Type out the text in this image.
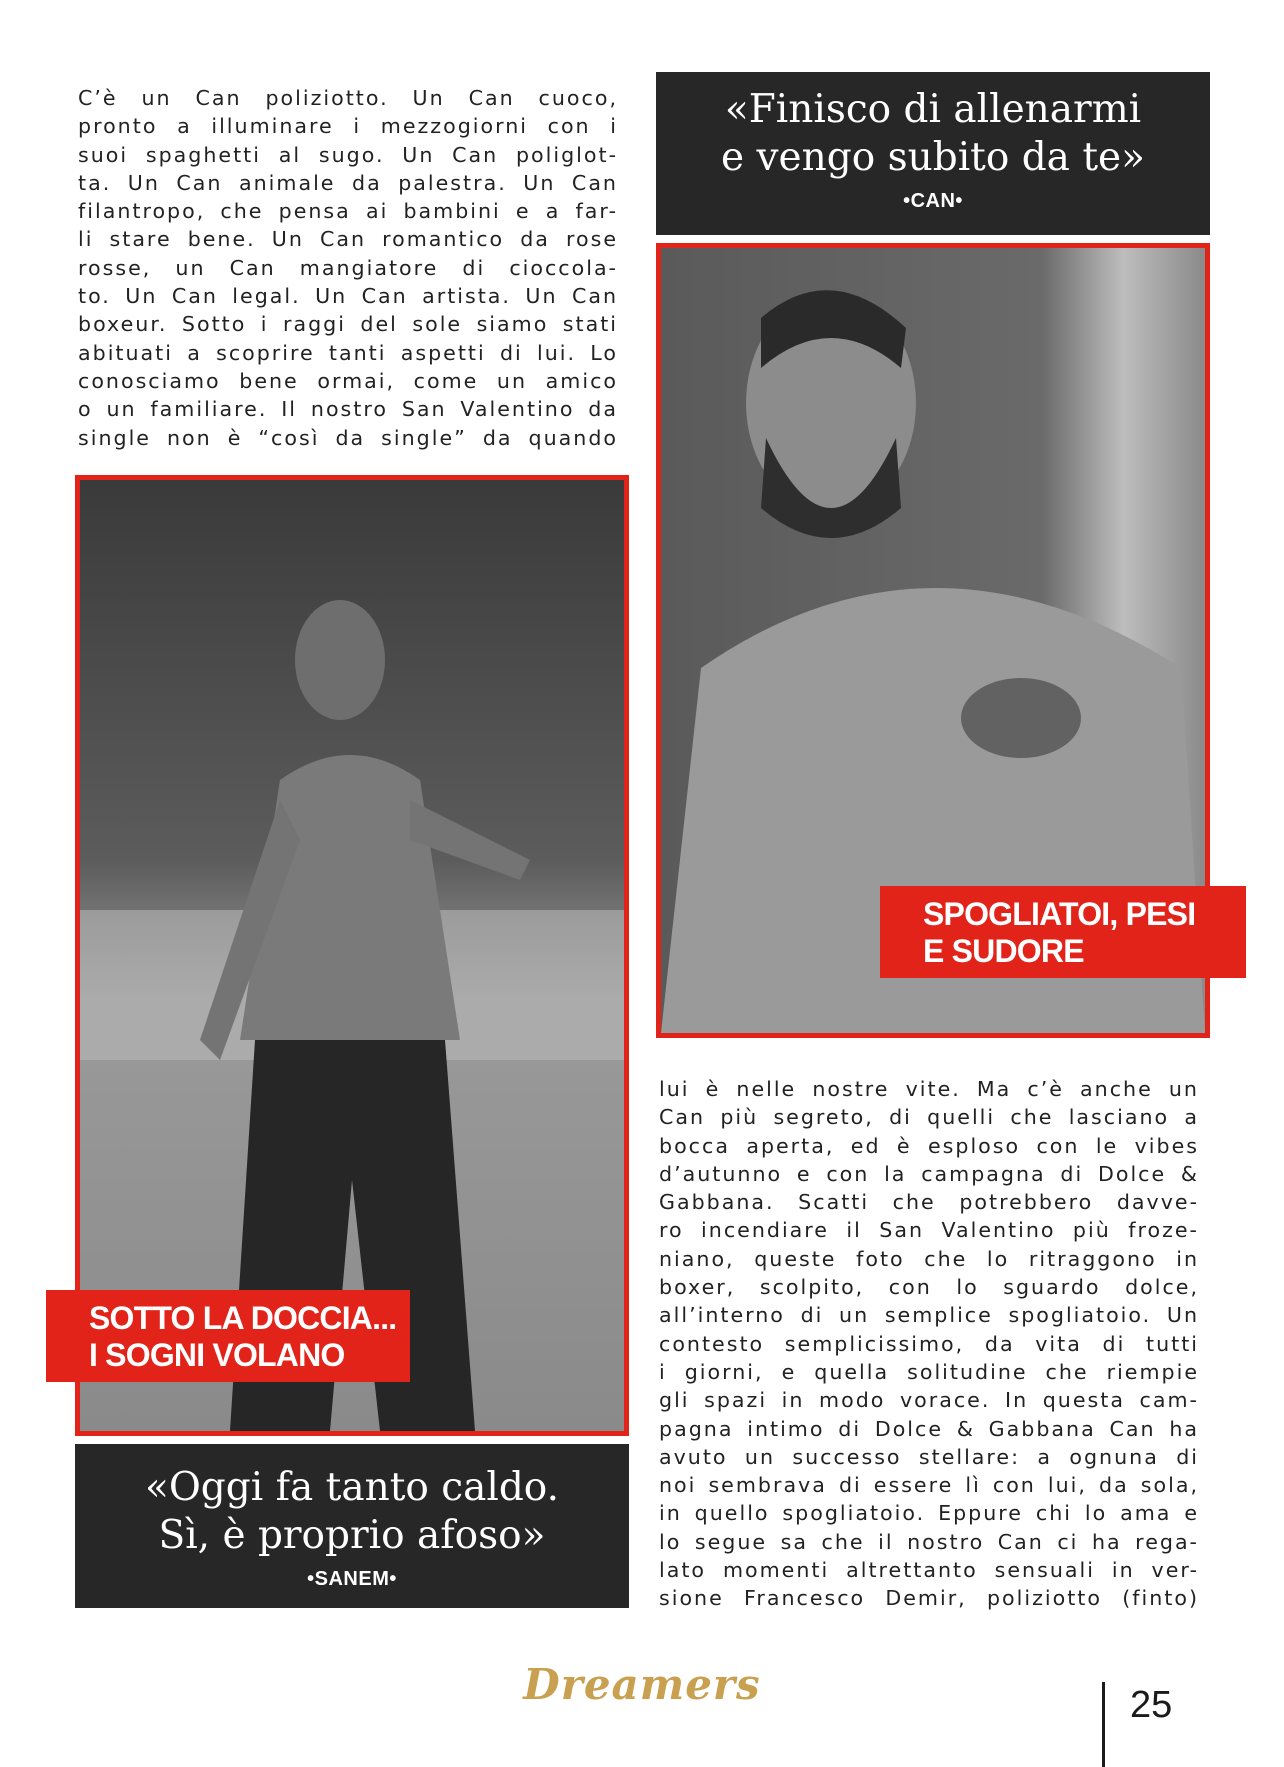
C’è un Can poliziotto. Un Can cuoco,
pronto a illuminare i mezzogiorni con i
suoi spaghetti al sugo. Un Can poliglot-
ta. Un Can animale da palestra. Un Can
filantropo, che pensa ai bambini e a far-
li stare bene. Un Can romantico da rose
rosse, un Can mangiatore di cioccola-
to. Un Can legal. Un Can artista. Un Can
boxeur. Sotto i raggi del sole siamo stati
abituati a scoprire tanti aspetti di lui. Lo
conosciamo bene ormai, come un amico
o un familiare. Il nostro San Valentino da
single non è “così da single” da quando
«Finisco di allenarmi
e vengo subito da te»
•CAN•
SOTTO LA DOCCIA...
I SOGNI VOLANO
SPOGLIATOI, PESI
E SUDORE
«Oggi fa tanto caldo.
Sì, è proprio afoso»
•SANEM•
lui è nelle nostre vite. Ma c’è anche un
Can più segreto, di quelli che lasciano a
bocca aperta, ed è esploso con le vibes
d’autunno e con la campagna di Dolce &
Gabbana. Scatti che potrebbero davve-
ro incendiare il San Valentino più froze-
niano, queste foto che lo ritraggono in
boxer, scolpito, con lo sguardo dolce,
all’interno di un semplice spogliatoio. Un
contesto semplicissimo, da vita di tutti
i giorni, e quella solitudine che riempie
gli spazi in modo vorace. In questa cam-
pagna intimo di Dolce & Gabbana Can ha
avuto un successo stellare: a ognuna di
noi sembrava di essere lì con lui, da sola,
in quello spogliatoio. Eppure chi lo ama e
lo segue sa che il nostro Can ci ha rega-
lato momenti altrettanto sensuali in ver-
sione Francesco Demir, poliziotto (finto)
Dreamers	25
